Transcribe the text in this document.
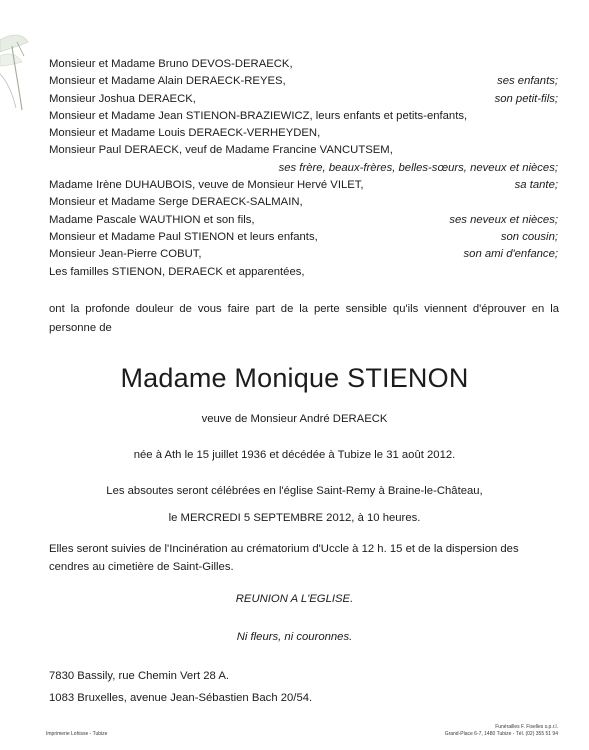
Monsieur et Madame Bruno DEVOS-DERAECK,
Monsieur et Madame Alain DERAECK-REYES,	ses enfants;
Monsieur Joshua DERAECK,	son petit-fils;
Monsieur et Madame Jean STIENON-BRAZIEWICZ, leurs enfants et petits-enfants,
Monsieur et Madame Louis DERAECK-VERHEYDEN,
Monsieur Paul DERAECK, veuf de Madame Francine VANCUTSEM,
ses frère, beaux-frères, belles-sœurs, neveux et nièces;
Madame Irène DUHAUBOIS, veuve de Monsieur Hervé VILET,	sa tante;
Monsieur et Madame Serge DERAECK-SALMAIN,
Madame Pascale WAUTHION et son fils,	ses neveux et nièces;
Monsieur et Madame Paul STIENON et leurs enfants,	son cousin;
Monsieur Jean-Pierre COBUT,	son ami d'enfance;
Les familles STIENON, DERAECK et apparentées,
ont la profonde douleur de vous faire part de la perte sensible qu'ils viennent d'éprouver en la personne de
Madame Monique STIENON
veuve de Monsieur André DERAECK
née à Ath le 15 juillet 1936 et décédée à Tubize le 31 août 2012.
Les absoutes seront célébrées en l'église Saint-Remy à Braine-le-Château,
le MERCREDI 5 SEPTEMBRE 2012, à 10 heures.
Elles seront suivies de l'Incinération au crématorium d'Uccle à 12 h. 15 et de la dispersion des cendres au cimetière de Saint-Gilles.
REUNION A L'EGLISE.
Ni fleurs, ni couronnes.
7830 Bassily, rue Chemin Vert 28 A.
1083 Bruxelles, avenue Jean-Sébastien Bach 20/54.
Imprimerie Lohisse - Tubize
Funérailles F. Fiselles s.p.r.l.
Grand-Place 6-7, 1480 Tubize - Tél. (02) 355 51 94
